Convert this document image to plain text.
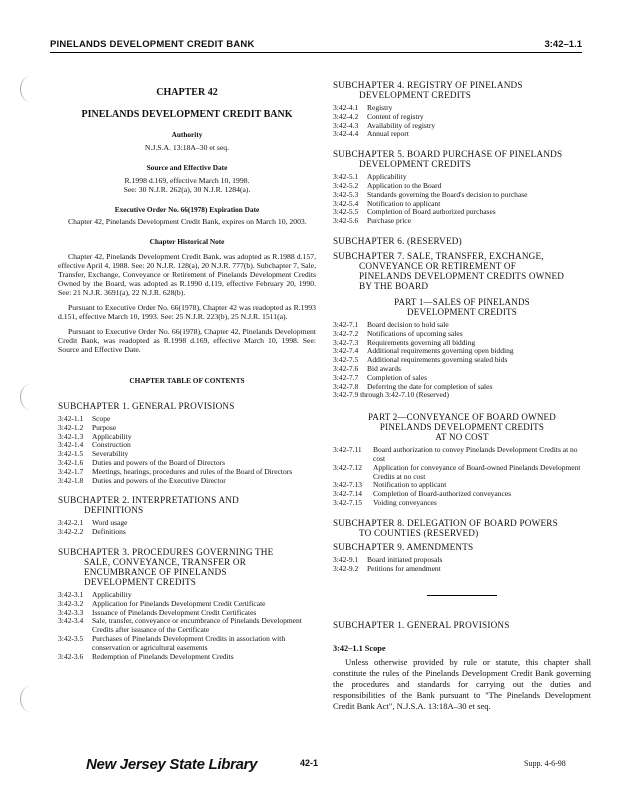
PINELANDS DEVELOPMENT CREDIT BANK	3:42–1.1
CHAPTER 42
PINELANDS DEVELOPMENT CREDIT BANK
Authority
N.J.S.A. 13:18A–30 et seq.
Source and Effective Date
R.1998 d.169, effective March 10, 1998.
See: 30 N.J.R. 262(a), 30 N.J.R. 1284(a).
Executive Order No. 66(1978) Expiration Date
Chapter 42, Pinelands Development Credit Bank, expires on March 10, 2003.
Chapter Historical Note
Chapter 42, Pinelands Development Credit Bank, was adopted as R.1988 d.157, effective April 4, 1988. See: 20 N.J.R. 128(a), 20 N.J.R. 777(b). Subchapter 7, Sale, Transfer, Exchange, Conveyance or Retirement of Pinelands Development Credits Owned by the Board, was adopted as R.1990 d.119, effective February 20, 1990. See: 21 N.J.R. 3691(a), 22 N.J.R. 628(b).
Pursuant to Executive Order No. 66(1978), Chapter 42 was readopted as R.1993 d.151, effective March 10, 1993. See: 25 N.J.R. 223(b), 25 N.J.R. 1511(a).
Pursuant to Executive Order No. 66(1978), Chapter 42, Pinelands Development Credit Bank, was readopted as R.1998 d.169, effective March 10, 1998. See: Source and Effective Date.
CHAPTER TABLE OF CONTENTS
SUBCHAPTER 1. GENERAL PROVISIONS
3:42-1.1	Scope
3:42-1.2	Purpose
3:42-1.3	Applicability
3:42-1.4	Construction
3:42-1.5	Severability
3:42-1.6	Duties and powers of the Board of Directors
3:42-1.7	Meetings, hearings, procedures and rules of the Board of Directors
3:42-1.8	Duties and powers of the Executive Director
SUBCHAPTER 2. INTERPRETATIONS AND
DEFINITIONS
3:42-2.1	Word usage
3:42-2.2	Definitions
SUBCHAPTER 3. PROCEDURES GOVERNING THE
SALE, CONVEYANCE, TRANSFER OR
ENCUMBRANCE OF PINELANDS
DEVELOPMENT CREDITS
3:42-3.1	Applicability
3:42-3.2	Application for Pinelands Development Credit Certificate
3:42-3.3	Issuance of Pinelands Development Credit Certificates
3:42-3.4	Sale, transfer, conveyance or encumbrance of Pinelands Development Credits after issuance of the Certificate
3:42-3.5	Purchases of Pinelands Development Credits in association with conservation or agricultural easements
3:42-3.6	Redemption of Pinelands Development Credits
SUBCHAPTER 4. REGISTRY OF PINELANDS
DEVELOPMENT CREDITS
3:42-4.1	Registry
3:42-4.2	Content of registry
3:42-4.3	Availability of registry
3:42-4.4	Annual report
SUBCHAPTER 5. BOARD PURCHASE OF PINELANDS
DEVELOPMENT CREDITS
3:42-5.1	Applicability
3:42-5.2	Application to the Board
3:42-5.3	Standards governing the Board's decision to purchase
3:42-5.4	Notification to applicant
3:42-5.5	Completion of Board authorized purchases
3:42-5.6	Purchase price
SUBCHAPTER 6. (RESERVED)
SUBCHAPTER 7. SALE, TRANSFER, EXCHANGE,
CONVEYANCE OR RETIREMENT OF
PINELANDS DEVELOPMENT CREDITS OWNED
BY THE BOARD
PART 1—SALES OF PINELANDS
DEVELOPMENT CREDITS
3:42-7.1	Board decision to hold sale
3:42-7.2	Notifications of upcoming sales
3:42-7.3	Requirements governing all bidding
3:42-7.4	Additional requirements governing open bidding
3:42-7.5	Additional requirements governing sealed bids
3:42-7.6	Bid awards
3:42-7.7	Completion of sales
3:42-7.8	Deferring the date for completion of sales
3:42-7.9 through 3:42-7.10 (Reserved)
PART 2—CONVEYANCE OF BOARD OWNED
PINELANDS DEVELOPMENT CREDITS
AT NO COST
3:42-7.11	Board authorization to convey Pinelands Development Credits at no cost
3:42-7.12	Application for conveyance of Board-owned Pinelands Development Credits at no cost
3:42-7.13	Notification to applicant
3:42-7.14	Completion of Board-authorized conveyances
3:42-7.15	Voiding conveyances
SUBCHAPTER 8. DELEGATION OF BOARD POWERS
TO COUNTIES (RESERVED)
SUBCHAPTER 9. AMENDMENTS
3:42-9.1	Board initiated proposals
3:42-9.2	Petitions for amendment
SUBCHAPTER 1. GENERAL PROVISIONS
3:42–1.1 Scope
Unless otherwise provided by rule or statute, this chapter shall constitute the rules of the Pinelands Development Credit Bank governing the procedures and standards for carrying out the duties and responsibilities of the Bank pursuant to "The Pinelands Development Credit Bank Act", N.J.S.A. 13:18A–30 et seq.
New Jersey State Library	42-1	Supp. 4-6-98
